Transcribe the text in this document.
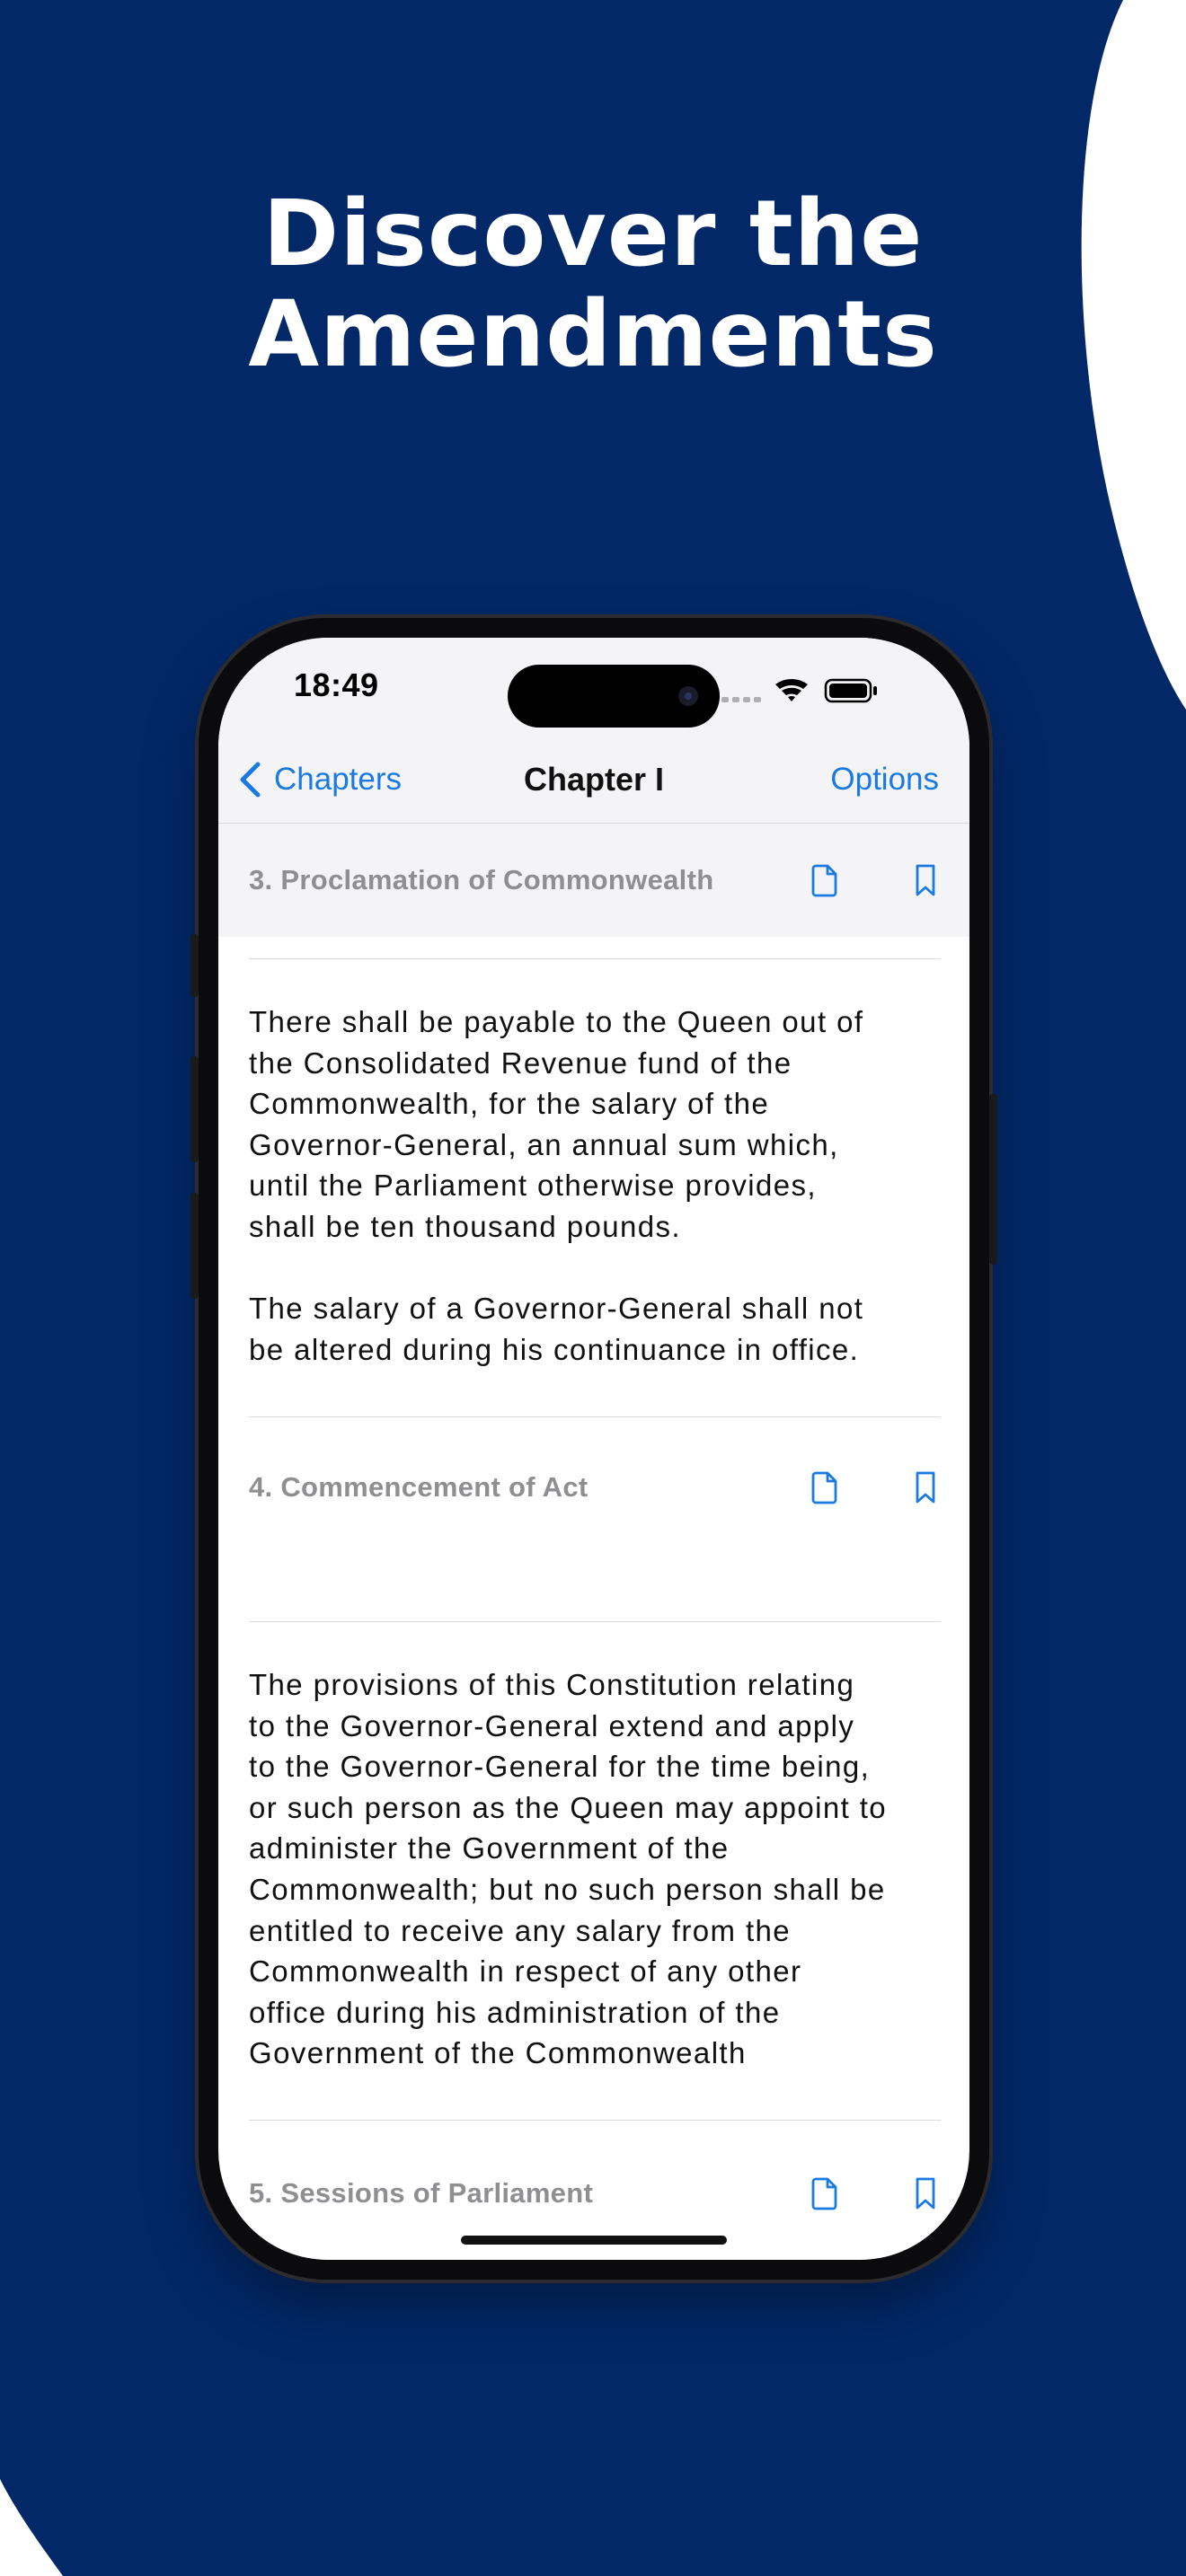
Discover the
Amendments
18:49
Chapters	Chapter I	Options
3. Proclamation of Commonwealth
There shall be payable to the Queen out of
the Consolidated Revenue fund of the
Commonwealth, for the salary of the
Governor-General, an annual sum which,
until the Parliament otherwise provides,
shall be ten thousand pounds.

The salary of a Governor-General shall not
be altered during his continuance in office.
4. Commencement of Act
The provisions of this Constitution relating
to the Governor-General extend and apply
to the Governor-General for the time being,
or such person as the Queen may appoint to
administer the Government of the
Commonwealth; but no such person shall be
entitled to receive any salary from the
Commonwealth in respect of any other
office during his administration of the
Government of the Commonwealth
5. Sessions of Parliament
